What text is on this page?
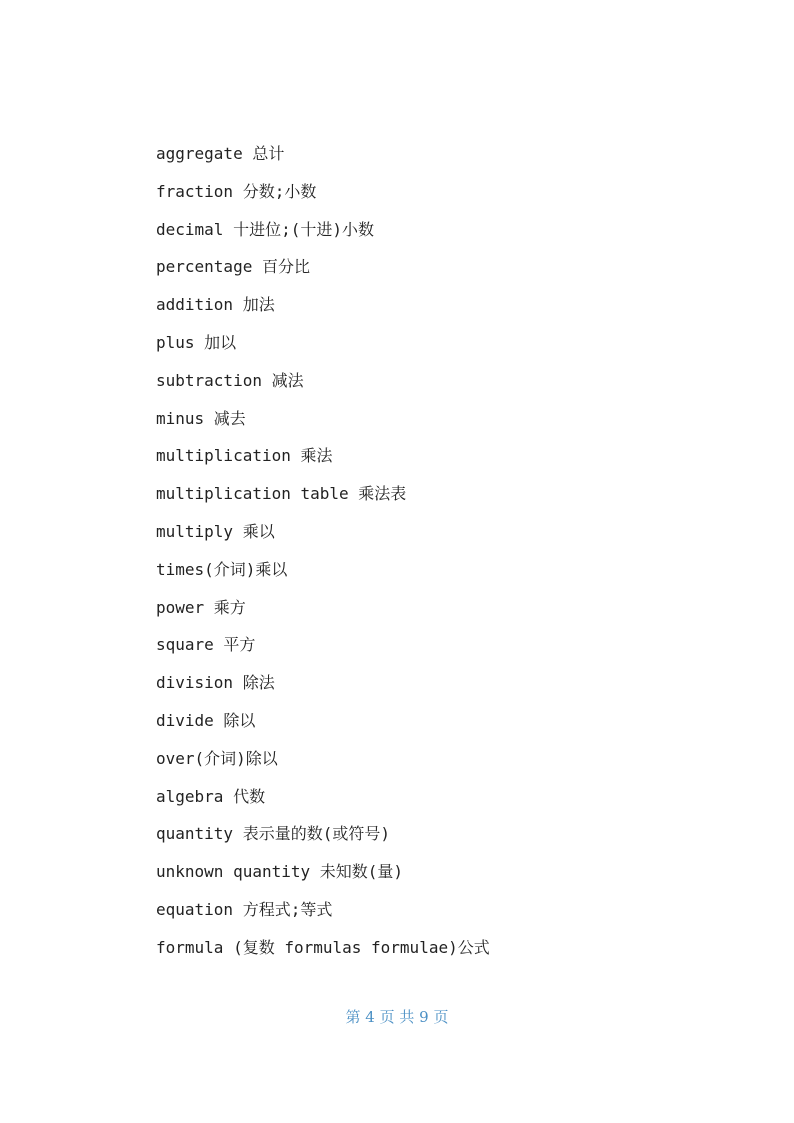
aggregate 总计
fraction 分数;小数
decimal 十进位;(十进)小数
percentage 百分比
addition 加法
plus 加以
subtraction 减法
minus 减去
multiplication 乘法
multiplication table 乘法表
multiply 乘以
times(介词)乘以
power 乘方
square 平方
division 除法
divide 除以
over(介词)除以
algebra 代数
quantity 表示量的数(或符号)
unknown quantity 未知数(量)
equation 方程式;等式
formula (复数 formulas formulae)公式
第 4 页 共 9 页
